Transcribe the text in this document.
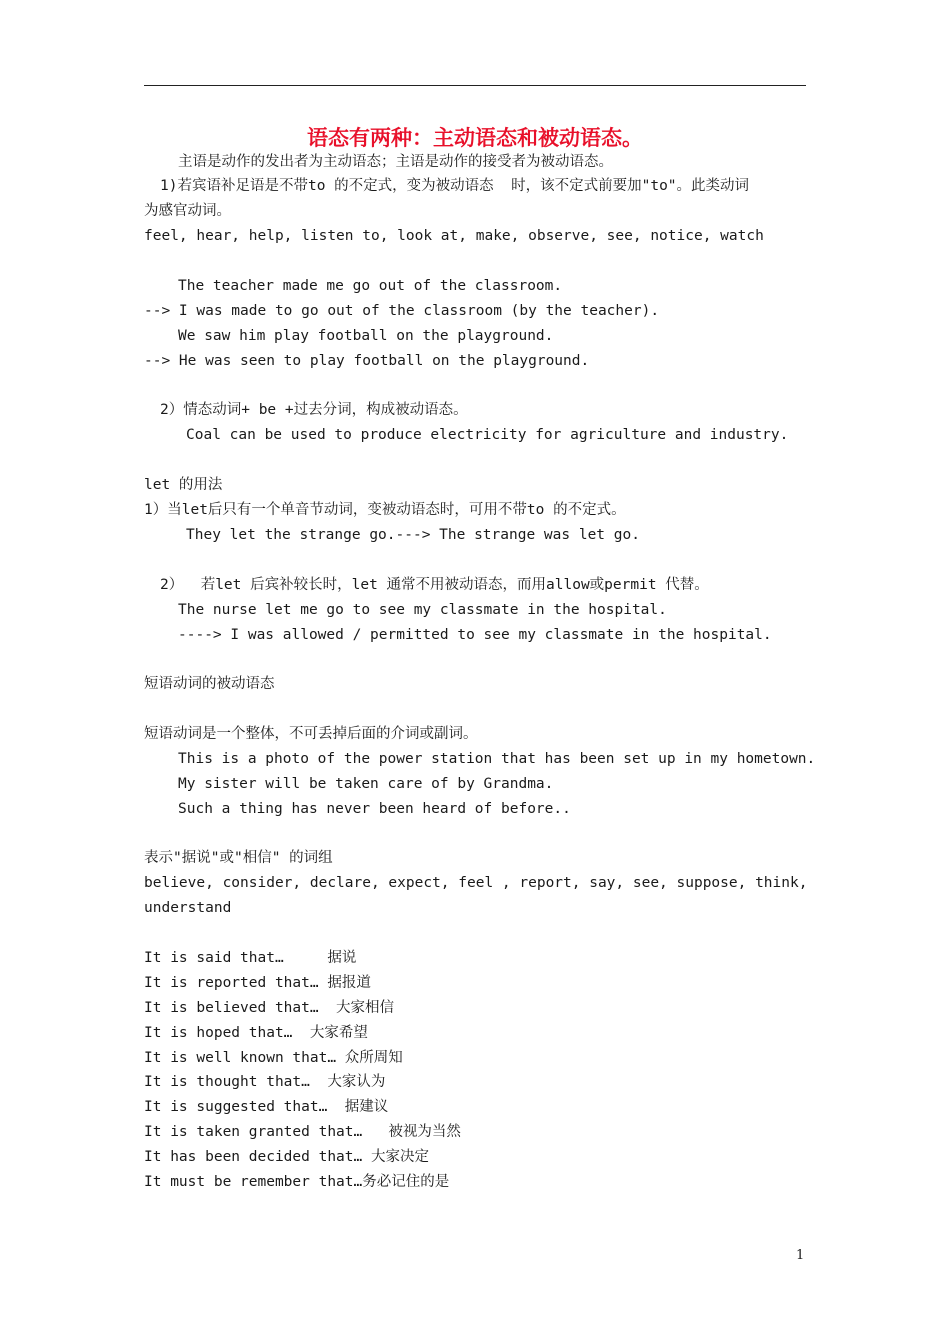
语态有两种：主动语态和被动语态。
主语是动作的发出者为主动语态；主语是动作的接受者为被动语态。
1)若宾语补足语是不带to 的不定式，变为被动语态  时，该不定式前要加"to"。此类动词
为感官动词。
feel, hear, help, listen to, look at, make, observe, see, notice, watch
The teacher made me go out of the classroom.
--> I was made to go out of the classroom (by the teacher).
We saw him play football on the playground.
--> He was seen to play football on the playground.
2）情态动词+ be +过去分词，构成被动语态。
Coal can be used to produce electricity for agriculture and industry.
let 的用法
1）当let后只有一个单音节动词，变被动语态时，可用不带to 的不定式。
They let the strange go.---> The strange was let go.
2）  若let 后宾补较长时，let 通常不用被动语态，而用allow或permit 代替。
The nurse let me go to see my classmate in the hospital.
----> I was allowed / permitted to see my classmate in the hospital.
短语动词的被动语态
短语动词是一个整体，不可丢掉后面的介词或副词。
This is a photo of the power station that has been set up in my hometown.
My sister will be taken care of by Grandma.
Such a thing has never been heard of before..
表示"据说"或"相信" 的词组
believe, consider, declare, expect, feel , report, say, see, suppose, think,
understand
It is said that…     据说
It is reported that… 据报道
It is believed that…  大家相信
It is hoped that…  大家希望
It is well known that… 众所周知
It is thought that…  大家认为
It is suggested that…  据建议
It is taken granted that…   被视为当然
It has been decided that… 大家决定
It must be remember that…务必记住的是
1
